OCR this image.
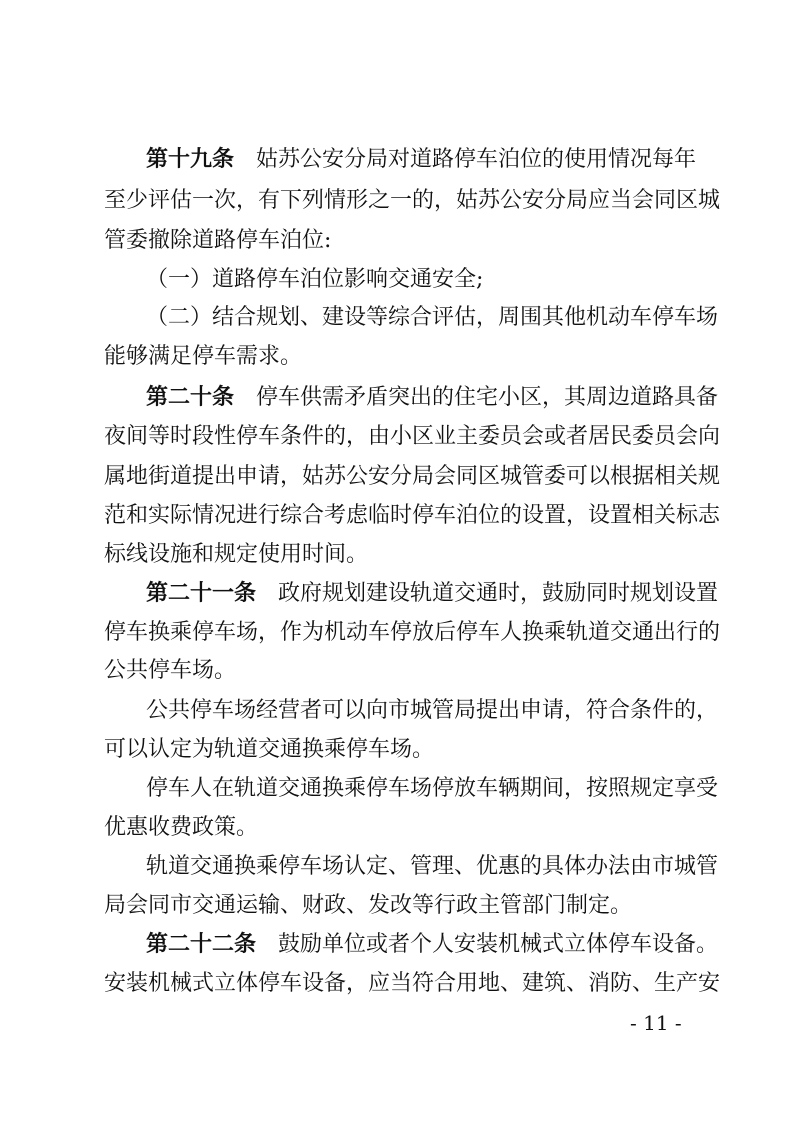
第十九条 姑苏公安分局对道路停车泊位的使用情况每年
至少评估一次，有下列情形之一的，姑苏公安分局应当会同区城
管委撤除道路停车泊位:
（一）道路停车泊位影响交通安全;
（二）结合规划、建设等综合评估，周围其他机动车停车场
能够满足停车需求。
第二十条 停车供需矛盾突出的住宅小区，其周边道路具备
夜间等时段性停车条件的，由小区业主委员会或者居民委员会向
属地街道提出申请，姑苏公安分局会同区城管委可以根据相关规
范和实际情况进行综合考虑临时停车泊位的设置，设置相关标志
标线设施和规定使用时间。
第二十一条 政府规划建设轨道交通时，鼓励同时规划设置
停车换乘停车场，作为机动车停放后停车人换乘轨道交通出行的
公共停车场。
公共停车场经营者可以向市城管局提出申请，符合条件的，
可以认定为轨道交通换乘停车场。
停车人在轨道交通换乘停车场停放车辆期间，按照规定享受
优惠收费政策。
轨道交通换乘停车场认定、管理、优惠的具体办法由市城管
局会同市交通运输、财政、发改等行政主管部门制定。
第二十二条 鼓励单位或者个人安装机械式立体停车设备。
安装机械式立体停车设备，应当符合用地、建筑、消防、生产安
- 11 -
